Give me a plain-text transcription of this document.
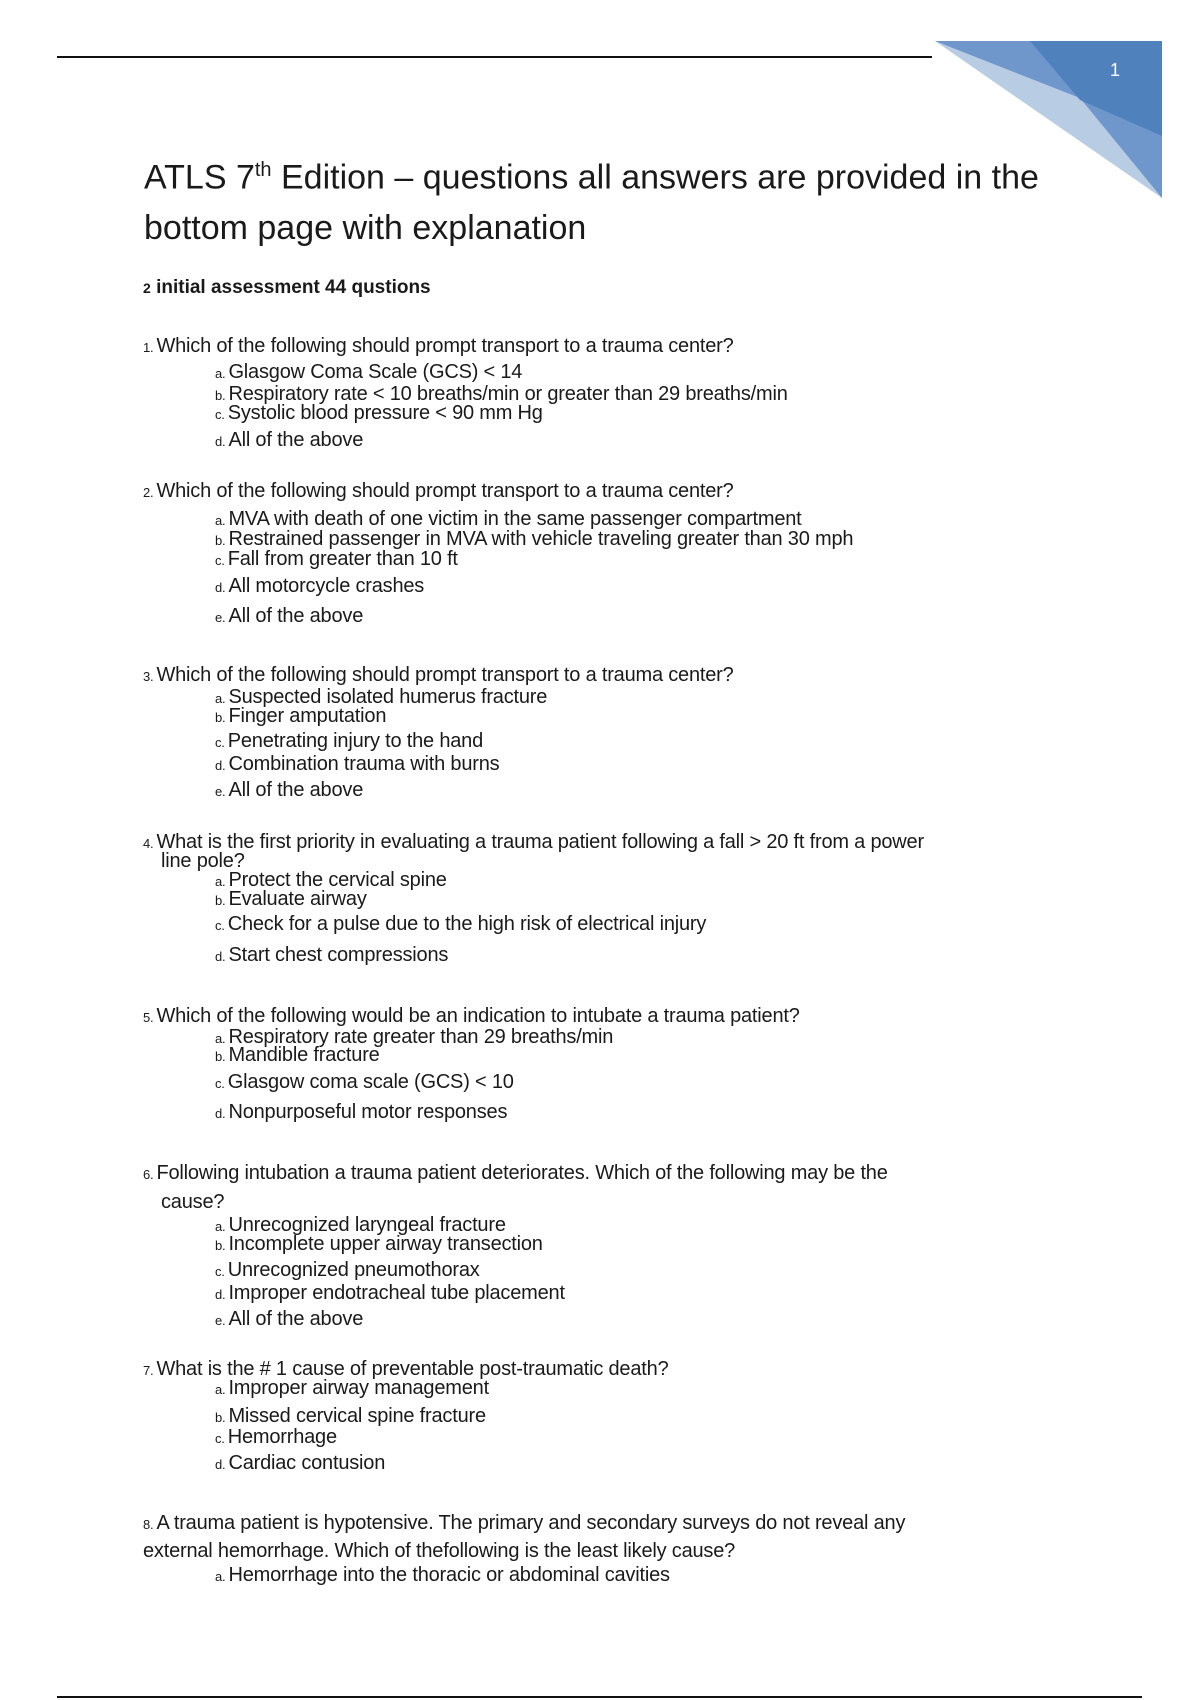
1
ATLS 7th Edition – questions all answers are provided in the bottom page with explanation
2 initial assessment 44 qustions
1. Which of the following should prompt transport to a trauma center?
a. Glasgow Coma Scale (GCS) < 14
b. Respiratory rate < 10 breaths/min or greater than 29 breaths/min
c. Systolic blood pressure < 90 mm Hg
d. All of the above
2. Which of the following should prompt transport to a trauma center?
a. MVA with death of one victim in the same passenger compartment
b. Restrained passenger in MVA with vehicle traveling greater than 30 mph
c. Fall from greater than 10 ft
d. All motorcycle crashes
e. All of the above
3. Which of the following should prompt transport to a trauma center?
a. Suspected isolated humerus fracture
b. Finger amputation
c. Penetrating injury to the hand
d. Combination trauma with burns
e. All of the above
4. What is the first priority in evaluating a trauma patient following a fall > 20 ft from a power
line pole?
a. Protect the cervical spine
b. Evaluate airway
c. Check for a pulse due to the high risk of electrical injury
d. Start chest compressions
5. Which of the following would be an indication to intubate a trauma patient?
a. Respiratory rate greater than 29 breaths/min
b. Mandible fracture
c. Glasgow coma scale (GCS) < 10
d. Nonpurposeful motor responses
6. Following intubation a trauma patient deteriorates. Which of the following may be the
cause?
a. Unrecognized laryngeal fracture
b. Incomplete upper airway transection
c. Unrecognized pneumothorax
d. Improper endotracheal tube placement
e. All of the above
7. What is the # 1 cause of preventable post-traumatic death?
a. Improper airway management
b. Missed cervical spine fracture
c. Hemorrhage
d. Cardiac contusion
8. A trauma patient is hypotensive. The primary and secondary surveys do not reveal any
external hemorrhage. Which of thefollowing is the least likely cause?
a. Hemorrhage into the thoracic or abdominal cavities
